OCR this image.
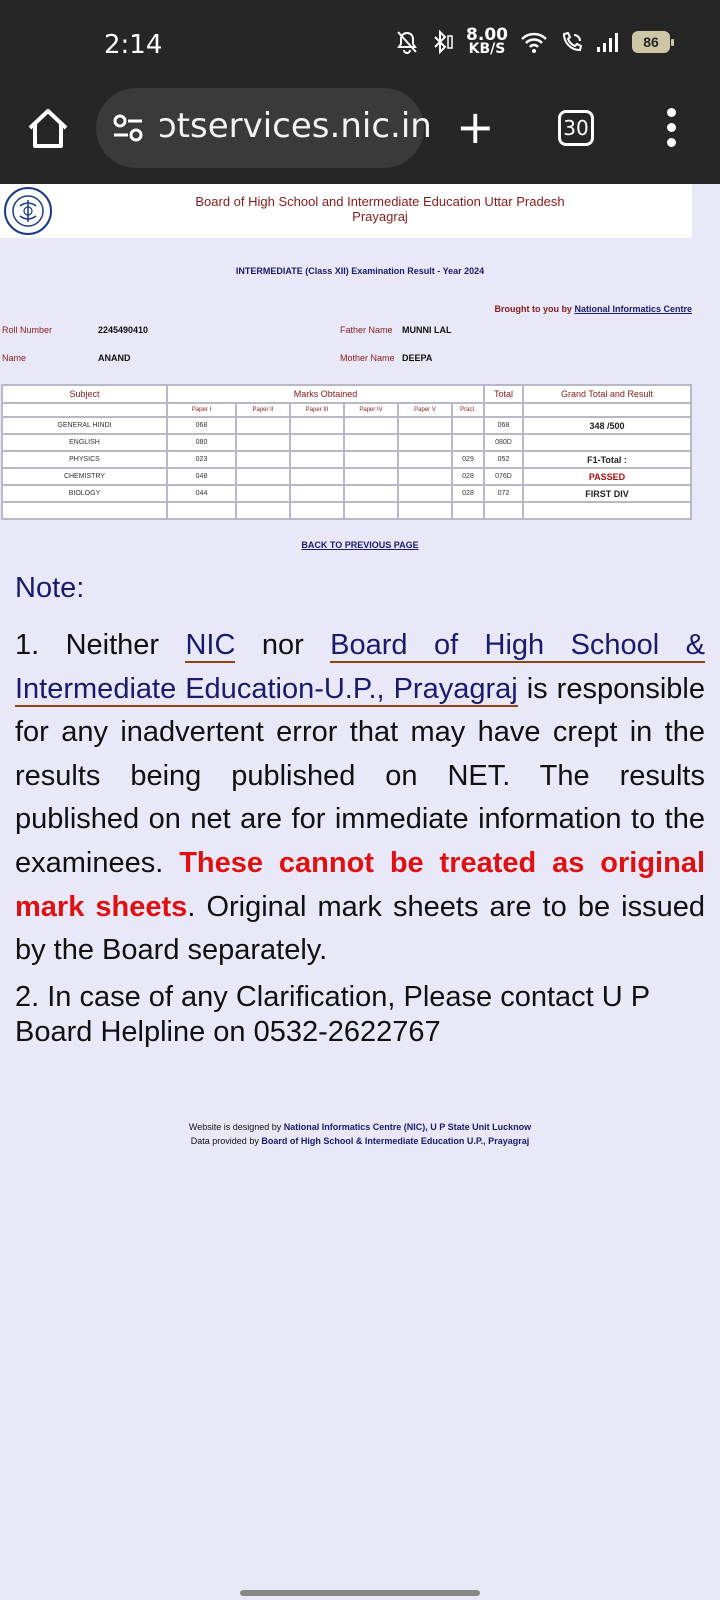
2:14	8.00
KB/S	86
ɔtservices.nic.in +	30
Board of High School and Intermediate Education Uttar Pradesh
Prayagraj
INTERMEDIATE (Class XII) Examination Result - Year 2024
Brought to you by National Informatics Centre
Roll Number	2245490410	Father Name MUNNI LAL
Name	ANAND	Mother Name DEEPA
Subject	Marks Obtained						Total	Grand Total and Result
	Paper I	Paper II	Paper III	Paper IV	Paper V	Pract.		
GENERAL HINDI	068						068	348 /500
ENGLISH	080						080D	
PHYSICS	023					029	052	F1-Total :
CHEMISTRY	048					028	076D	PASSED
BIOLOGY	044					028	072	FIRST DIV

BACK TO PREVIOUS PAGE
Note:
1. Neither NIC nor Board of High School & Intermediate Education-U.P., Prayagraj is responsible for any inadvertent error that may have crept in the results being published on NET. The results published on net are for immediate information to the examinees. These cannot be treated as original mark sheets. Original mark sheets are to be issued by the Board separately.
2. In case of any Clarification, Please contact U P Board Helpline on 0532-2622767
Website is designed by National Informatics Centre (NIC), U P State Unit Lucknow
Data provided by Board of High School & Intermediate Education U.P., Prayagraj
